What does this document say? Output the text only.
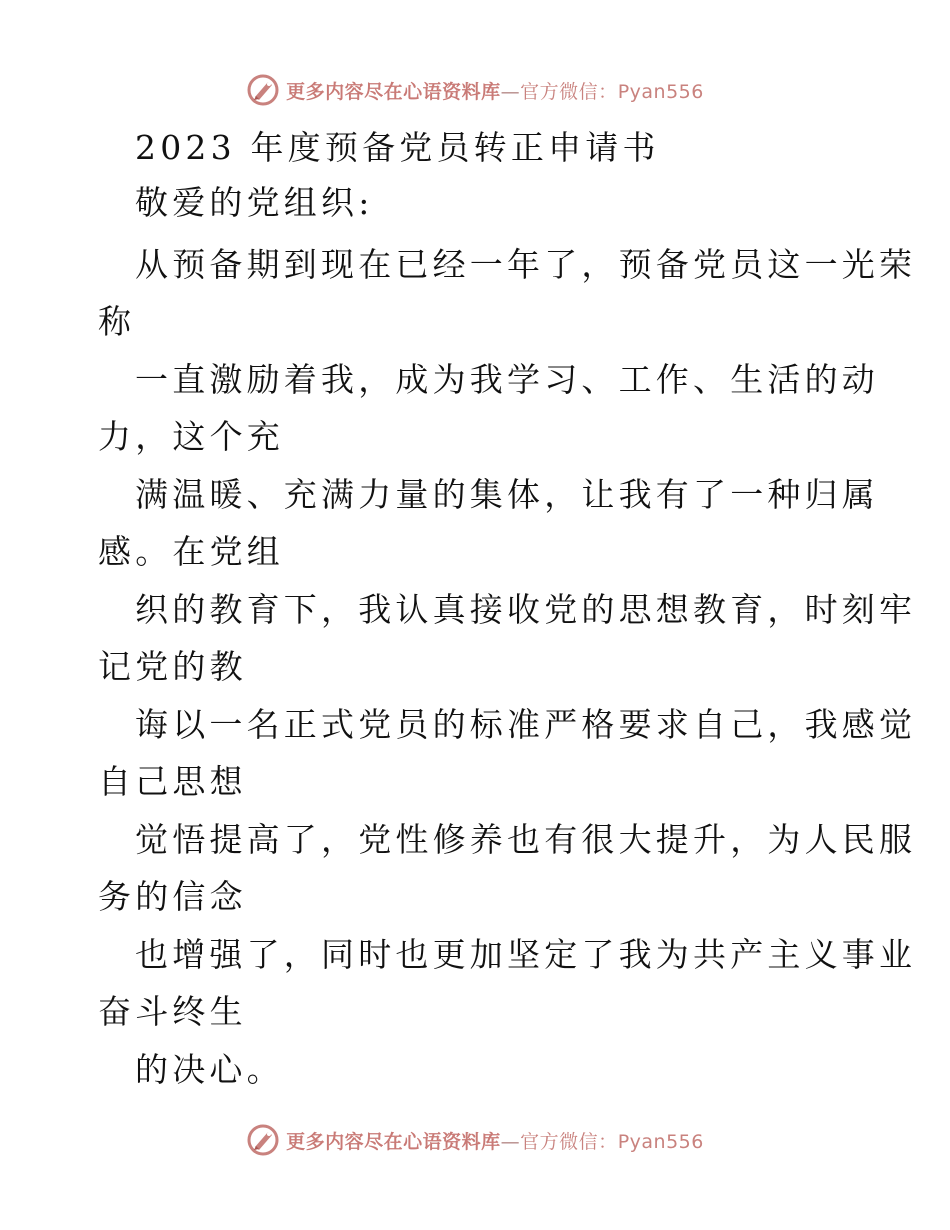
更多内容尽在心语资料库—官方微信：Pyan556
2023 年度预备党员转正申请书
敬爱的党组织:
从预备期到现在已经一年了，预备党员这一光荣
称
一直激励着我，成为我学习、工作、生活的动
力，这个充
满温暖、充满力量的集体，让我有了一种归属
感。在党组
织的教育下，我认真接收党的思想教育，时刻牢
记党的教
诲以一名正式党员的标准严格要求自己，我感觉
自己思想
觉悟提高了，党性修养也有很大提升，为人民服
务的信念
也增强了，同时也更加坚定了我为共产主义事业
奋斗终生
的决心。
更多内容尽在心语资料库—官方微信：Pyan556
